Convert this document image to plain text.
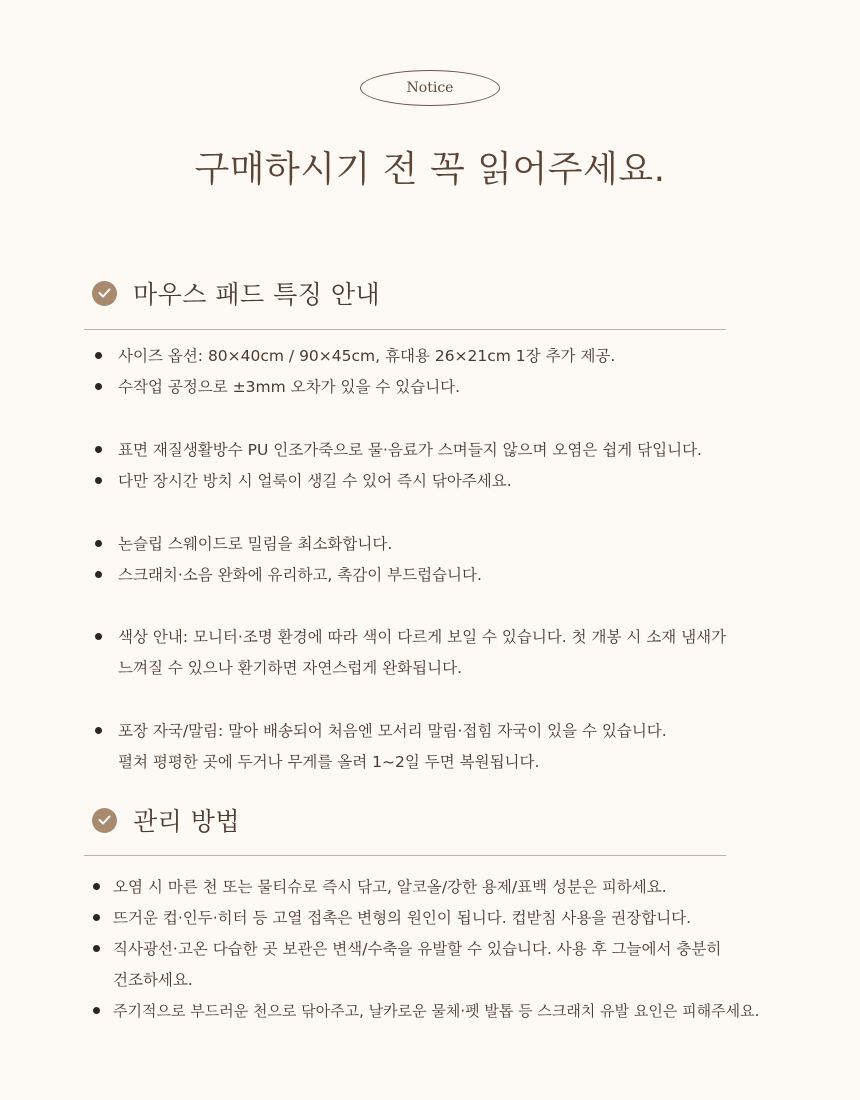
Notice
구매하시기 전 꼭 읽어주세요.
마우스 패드 특징 안내
사이즈 옵션: 80×40cm / 90×45cm, 휴대용 26×21cm 1장 추가 제공.
수작업 공정으로 ±3mm 오차가 있을 수 있습니다.
표면 재질생활방수 PU 인조가죽으로 물·음료가 스며들지 않으며 오염은 쉽게 닦입니다.
다만 장시간 방치 시 얼룩이 생길 수 있어 즉시 닦아주세요.
논슬립 스웨이드로 밀림을 최소화합니다.
스크래치·소음 완화에 유리하고, 촉감이 부드럽습니다.
색상 안내: 모니터·조명 환경에 따라 색이 다르게 보일 수 있습니다. 첫 개봉 시 소재 냄새가
느껴질 수 있으나 환기하면 자연스럽게 완화됩니다.
포장 자국/말림: 말아 배송되어 처음엔 모서리 말림·접힘 자국이 있을 수 있습니다.
펼쳐 평평한 곳에 두거나 무게를 올려 1~2일 두면 복원됩니다.
관리 방법
오염 시 마른 천 또는 물티슈로 즉시 닦고, 알코올/강한 용제/표백 성분은 피하세요.
뜨거운 컵·인두·히터 등 고열 접촉은 변형의 원인이 됩니다. 컵받침 사용을 권장합니다.
직사광선·고온 다습한 곳 보관은 변색/수축을 유발할 수 있습니다. 사용 후 그늘에서 충분히
건조하세요.
주기적으로 부드러운 천으로 닦아주고, 날카로운 물체·펫 발톱 등 스크래치 유발 요인은 피해주세요.
